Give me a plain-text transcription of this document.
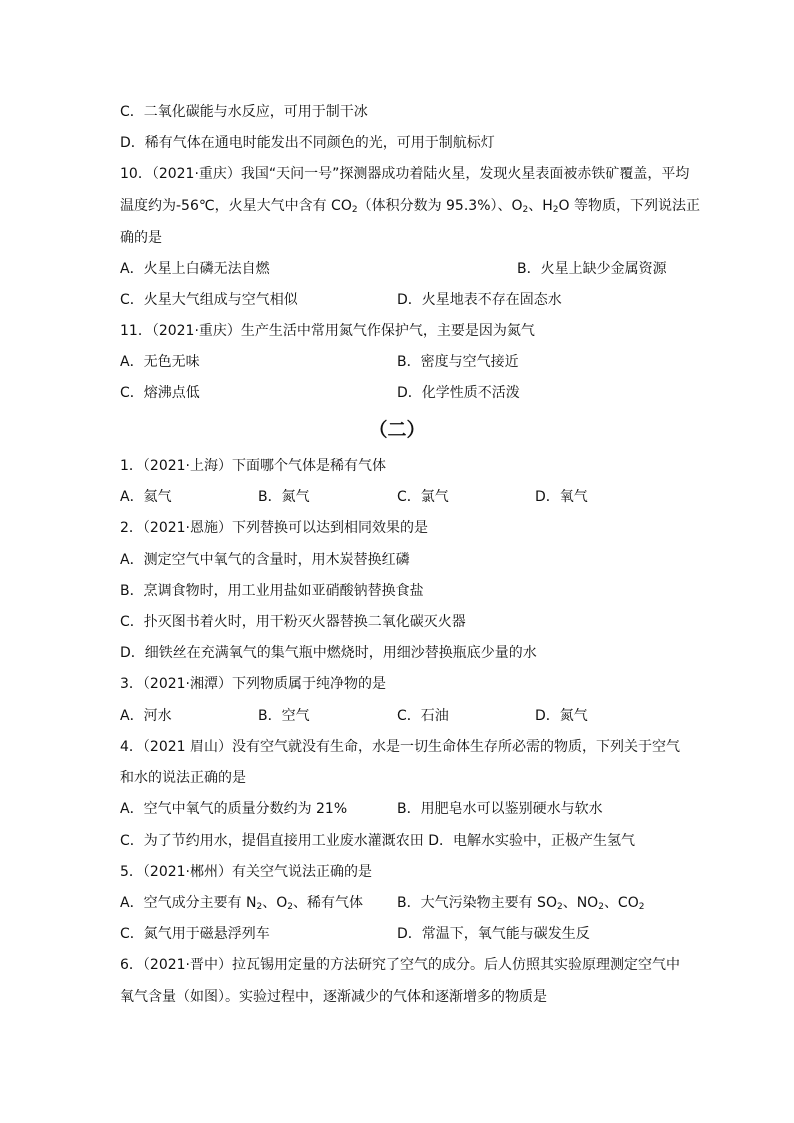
C．二氧化碳能与水反应，可用于制干冰
D．稀有气体在通电时能发出不同颜色的光，可用于制航标灯
10．（2021·重庆）我国“天问一号”探测器成功着陆火星，发现火星表面被赤铁矿覆盖，平均
温度约为-56℃，火星大气中含有 $CO_2$（体积分数为 95.3%）、$O_2$、$H_2O$ 等物质，下列说法正
确的是
A．火星上白磷无法自燃	B．火星上缺少金属资源
C．火星大气组成与空气相似	D．火星地表不存在固态水
11．（2021·重庆）生产生活中常用氮气作保护气，主要是因为氮气
A．无色无味	B．密度与空气接近
C．熔沸点低	D．化学性质不活泼
（二）
1．（2021·上海）下面哪个气体是稀有气体
A．氦气	B．氮气	C．氯气	D．氧气
2．（2021·恩施）下列替换可以达到相同效果的是
A．测定空气中氧气的含量时，用木炭替换红磷
B．烹调食物时，用工业用盐如亚硝酸钠替换食盐
C．扑灭图书着火时，用干粉灭火器替换二氧化碳灭火器
D．细铁丝在充满氧气的集气瓶中燃烧时，用细沙替换瓶底少量的水
3．（2021·湘潭）下列物质属于纯净物的是
A．河水	B．空气	C．石油	D．氮气
4．（2021 眉山）没有空气就没有生命，水是一切生命体生存所必需的物质，下列关于空气
和水的说法正确的是
A．空气中氧气的质量分数约为 21%	B．用肥皂水可以鉴别硬水与软水
C．为了节约用水，提倡直接用工业废水灌溉农田 D．电解水实验中，正极产生氢气
5．（2021·郴州）有关空气说法正确的是
A．空气成分主要有 $N_2$、$O_2$、稀有气体 B．大气污染物主要有 $SO_2$、$NO_2$、$CO_2$
C．氮气用于磁悬浮列车	D．常温下，氧气能与碳发生反
6．（2021·晋中）拉瓦锡用定量的方法研究了空气的成分。后人仿照其实验原理测定空气中
氧气含量（如图）。实验过程中，逐渐减少的气体和逐渐增多的物质是
